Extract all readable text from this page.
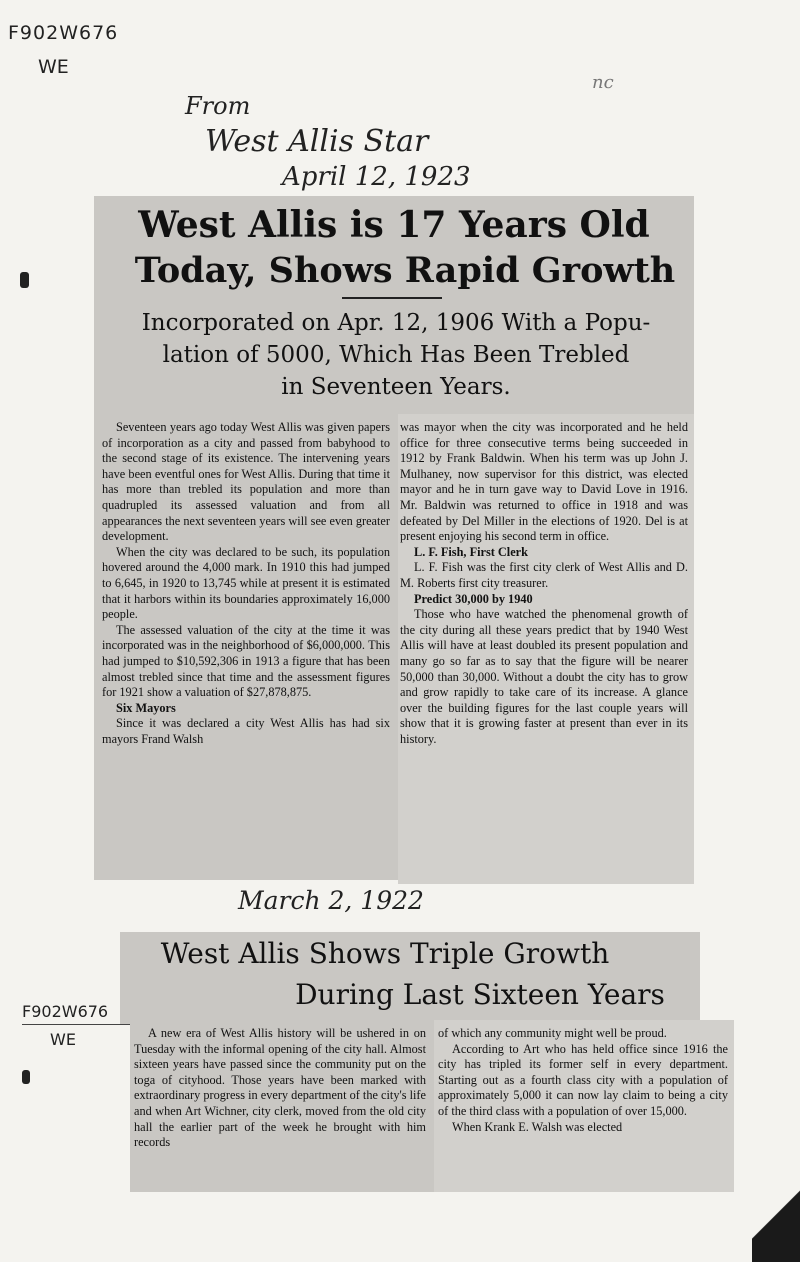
F902W676
WE
nc
From
West Allis Star
April 12, 1923
West Allis is 17 Years Old
Today, Shows Rapid Growth
Incorporated on Apr. 12, 1906 With a Popu-
lation of 5000, Which Has Been Trebled
in Seventeen Years.

Seventeen years ago today West Allis was given papers of incorporation as a city and passed from babyhood to the second stage of its existence. The intervening years have been eventful ones for West Allis. During that time it has more than trebled its population and more than quadrupled its assessed valuation and from all appearances the next seventeen years will see even greater development.

When the city was declared to be such, its population hovered around the 4,000 mark. In 1910 this had jumped to 6,645, in 1920 to 13,745 while at present it is estimated that it harbors within its boundaries approximately 16,000 people.

The assessed valuation of the city at the time it was incorporated was in the neighborhood of $6,000,000. This had jumped to $10,592,306 in 1913 a figure that has been almost trebled since that time and the assessment figures for 1921 show a valuation of $27,878,875.

Six Mayors

Since it was declared a city West Allis has had six mayors Frand Walsh

was mayor when the city was incorporated and he held office for three consecutive terms being succeeded in 1912 by Frank Baldwin. When his term was up John J. Mulhaney, now supervisor for this district, was elected mayor and he in turn gave way to David Love in 1916. Mr. Baldwin was returned to office in 1918 and was defeated by Del Miller in the elections of 1920. Del is at present enjoying his second term in office.

L. F. Fish, First Clerk

L. F. Fish was the first city clerk of West Allis and D. M. Roberts first city treasurer.

Predict 30,000 by 1940

Those who have watched the phenomenal growth of the city during all these years predict that by 1940 West Allis will have at least doubled its present population and many go so far as to say that the figure will be nearer 50,000 than 30,000. Without a doubt the city has to grow and grow rapidly to take care of its increase. A glance over the building figures for the last couple years will show that it is growing faster at present than ever in its history.

March 2, 1922
F902W676
WE
West Allis Shows Triple Growth
During Last Sixteen Years

A new era of West Allis history will be ushered in on Tuesday with the informal opening of the city hall. Almost sixteen years have passed since the community put on the toga of cityhood. Those years have been marked with extraordinary progress in every department of the city's life and when Art Wichner, city clerk, moved from the old city hall the earlier part of the week he brought with him records

of which any community might well be proud.

According to Art who has held office since 1916 the city has tripled its former self in every department. Starting out as a fourth class city with a population of approximately 5,000 it can now lay claim to being a city of the third class with a population of over 15,000.

When Krank E. Walsh was elected
